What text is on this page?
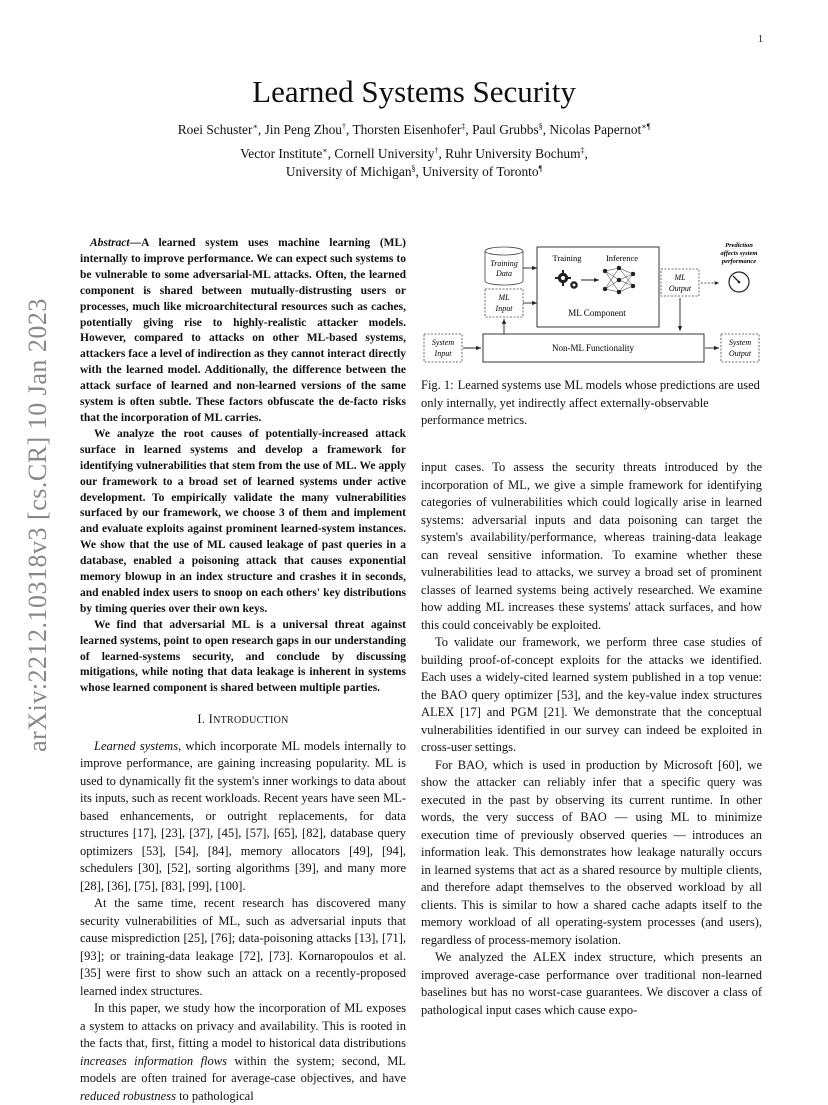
1
arXiv:2212.10318v3 [cs.CR] 10 Jan 2023
Learned Systems Security
Roei Schuster∗, Jin Peng Zhou†, Thorsten Eisenhofer‡, Paul Grubbs§, Nicolas Papernot∗¶
Vector Institute∗, Cornell University†, Ruhr University Bochum‡,
University of Michigan§, University of Toronto¶

Abstract—A learned system uses machine learning (ML) internally to improve performance. We can expect such systems to be vulnerable to some adversarial-ML attacks. Often, the learned component is shared between mutually-distrusting users or processes, much like microarchitectural resources such as caches, potentially giving rise to highly-realistic attacker models. However, compared to attacks on other ML-based systems, attackers face a level of indirection as they cannot interact directly with the learned model. Additionally, the difference between the attack surface of learned and non-learned versions of the same system is often subtle. These factors obfuscate the de-facto risks that the incorporation of ML carries.

We analyze the root causes of potentially-increased attack surface in learned systems and develop a framework for identifying vulnerabilities that stem from the use of ML. We apply our framework to a broad set of learned systems under active development. To empirically validate the many vulnerabilities surfaced by our framework, we choose 3 of them and implement and evaluate exploits against prominent learned-system instances. We show that the use of ML caused leakage of past queries in a database, enabled a poisoning attack that causes exponential memory blowup in an index structure and crashes it in seconds, and enabled index users to snoop on each others' key distributions by timing queries over their own keys.

We find that adversarial ML is a universal threat against learned systems, point to open research gaps in our understanding of learned-systems security, and conclude by discussing mitigations, while noting that data leakage is inherent in systems whose learned component is shared between multiple parties.

I. INTRODUCTION

Learned systems, which incorporate ML models internally to improve performance, are gaining increasing popularity. ML is used to dynamically fit the system's inner workings to data about its inputs, such as recent workloads. Recent years have seen ML-based enhancements, or outright replacements, for data structures [17], [23], [37], [45], [57], [65], [82], database query optimizers [53], [54], [84], memory allocators [49], [94], schedulers [30], [52], sorting algorithms [39], and many more [28], [36], [75], [83], [99], [100].

At the same time, recent research has discovered many security vulnerabilities of ML, such as adversarial inputs that cause misprediction [25], [76]; data-poisoning attacks [13], [71], [93]; or training-data leakage [72], [73]. Kornaropoulos et al. [35] were first to show such an attack on a recently-proposed learned index structures.

In this paper, we study how the incorporation of ML exposes a system to attacks on privacy and availability. This is rooted in the facts that, first, fitting a model to historical data distributions increases information flows within the system; second, ML models are often trained for average-case objectives, and have reduced robustness to pathological

Training
Data
Training	Inference
ML Component
ML
Input
ML
Output
Prediction
affects system
performance
System
Input
Non-ML Functionality
System
Output
Fig. 1: Learned systems use ML models whose predictions are used only internally, yet indirectly affect externally-observable performance metrics.

input cases. To assess the security threats introduced by the incorporation of ML, we give a simple framework for identifying categories of vulnerabilities which could logically arise in learned systems: adversarial inputs and data poisoning can target the system's availability/performance, whereas training-data leakage can reveal sensitive information. To examine whether these vulnerabilities lead to attacks, we survey a broad set of prominent classes of learned systems being actively researched. We examine how adding ML increases these systems' attack surfaces, and how this could conceivably be exploited.

To validate our framework, we perform three case studies of building proof-of-concept exploits for the attacks we identified. Each uses a widely-cited learned system published in a top venue: the BAO query optimizer [53], and the key-value index structures ALEX [17] and PGM [21]. We demonstrate that the conceptual vulnerabilities identified in our survey can indeed be exploited in cross-user settings.

For BAO, which is used in production by Microsoft [60], we show the attacker can reliably infer that a specific query was executed in the past by observing its current runtime. In other words, the very success of BAO — using ML to minimize execution time of previously observed queries — introduces an information leak. This demonstrates how leakage naturally occurs in learned systems that act as a shared resource by multiple clients, and therefore adapt themselves to the observed workload by all clients. This is similar to how a shared cache adapts itself to the memory workload of all operating-system processes (and users), regardless of process-memory isolation.

We analyzed the ALEX index structure, which presents an improved average-case performance over traditional non-learned baselines but has no worst-case guarantees. We discover a class of pathological input cases which cause expo-
